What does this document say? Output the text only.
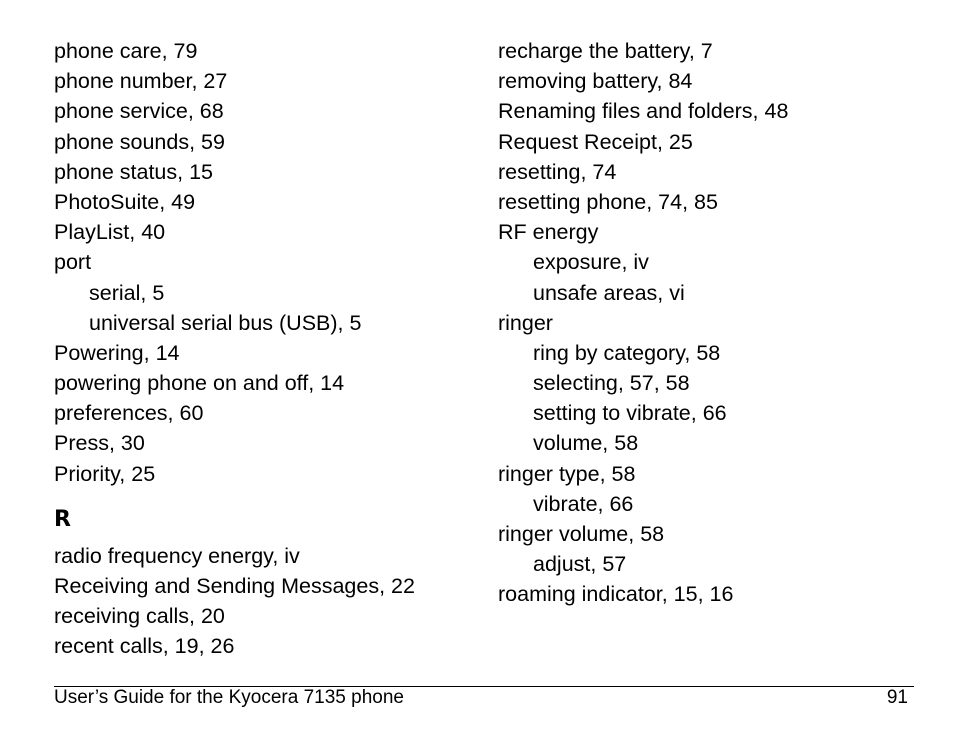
phone care, 79
phone number, 27
phone service, 68
phone sounds, 59
phone status, 15
PhotoSuite, 49
PlayList, 40
port
serial, 5
universal serial bus (USB), 5
Powering, 14
powering phone on and off, 14
preferences, 60
Press, 30
Priority, 25
R
radio frequency energy, iv
Receiving and Sending Messages, 22
receiving calls, 20
recent calls, 19, 26
recharge the battery, 7
removing battery, 84
Renaming files and folders, 48
Request Receipt, 25
resetting, 74
resetting phone, 74, 85
RF energy
exposure, iv
unsafe areas, vi
ringer
ring by category, 58
selecting, 57, 58
setting to vibrate, 66
volume, 58
ringer type, 58
vibrate, 66
ringer volume, 58
adjust, 57
roaming indicator, 15, 16
User’s Guide for the Kyocera 7135 phone	91
